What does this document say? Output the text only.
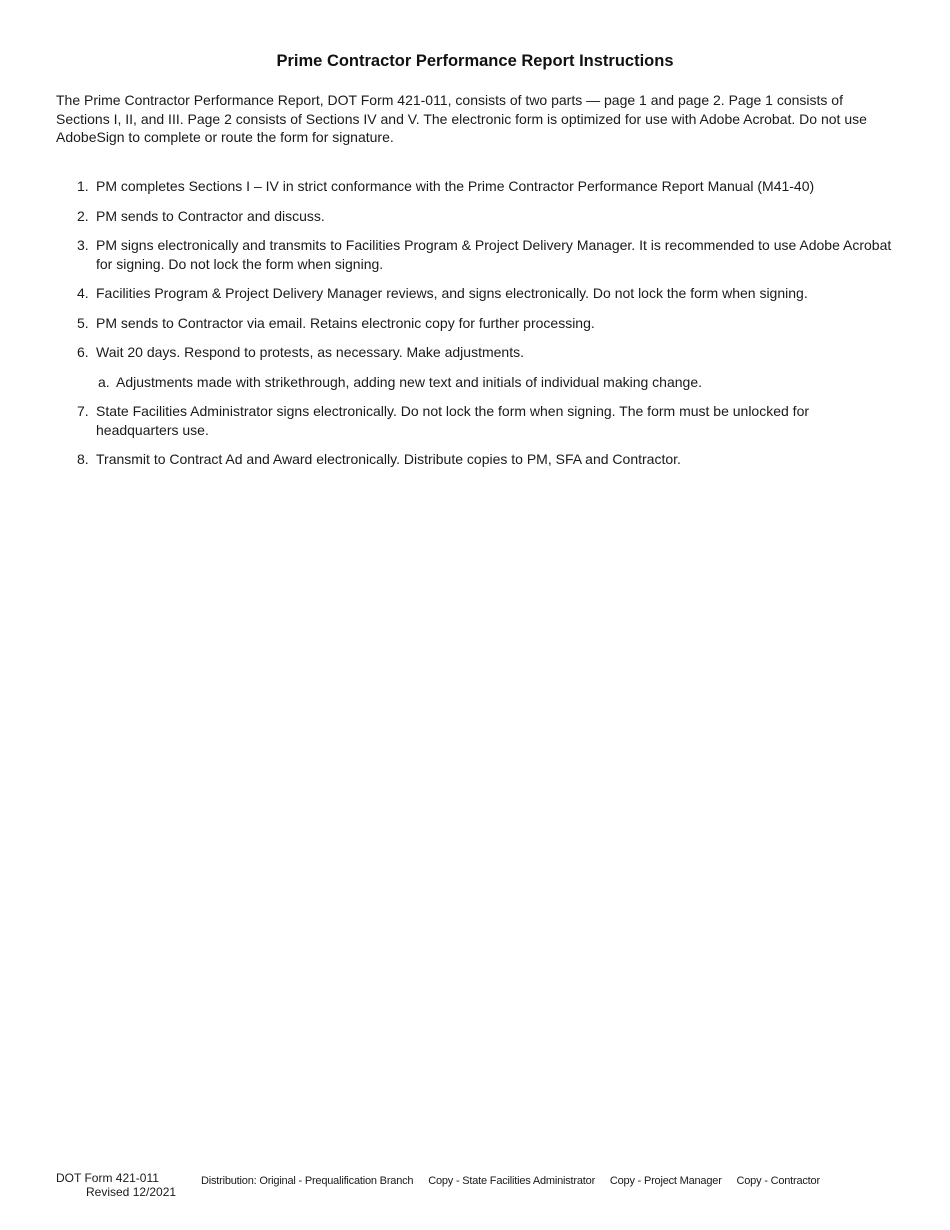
Prime Contractor Performance Report Instructions
The Prime Contractor Performance Report, DOT Form 421-011, consists of two parts — page 1 and page 2. Page 1 consists of Sections I, II, and III. Page 2 consists of Sections IV and V. The electronic form is optimized for use with Adobe Acrobat. Do not use AdobeSign to complete or route the form for signature.
1. PM completes Sections I – IV in strict conformance with the Prime Contractor Performance Report Manual (M41-40)
2. PM sends to Contractor and discuss.
3. PM signs electronically and transmits to Facilities Program & Project Delivery Manager. It is recommended to use Adobe Acrobat for signing. Do not lock the form when signing.
4. Facilities Program & Project Delivery Manager reviews, and signs electronically. Do not lock the form when signing.
5. PM sends to Contractor via email. Retains electronic copy for further processing.
6. Wait 20 days. Respond to protests, as necessary. Make adjustments.
a. Adjustments made with strikethrough, adding new text and initials of individual making change.
7. State Facilities Administrator signs electronically. Do not lock the form when signing. The form must be unlocked for headquarters use.
8. Transmit to Contract Ad and Award electronically. Distribute copies to PM, SFA and Contractor.
DOT Form 421-011
Revised 12/2021
Distribution: Original - Prequalification Branch Copy - State Facilities Administrator Copy - Project Manager Copy - Contractor
